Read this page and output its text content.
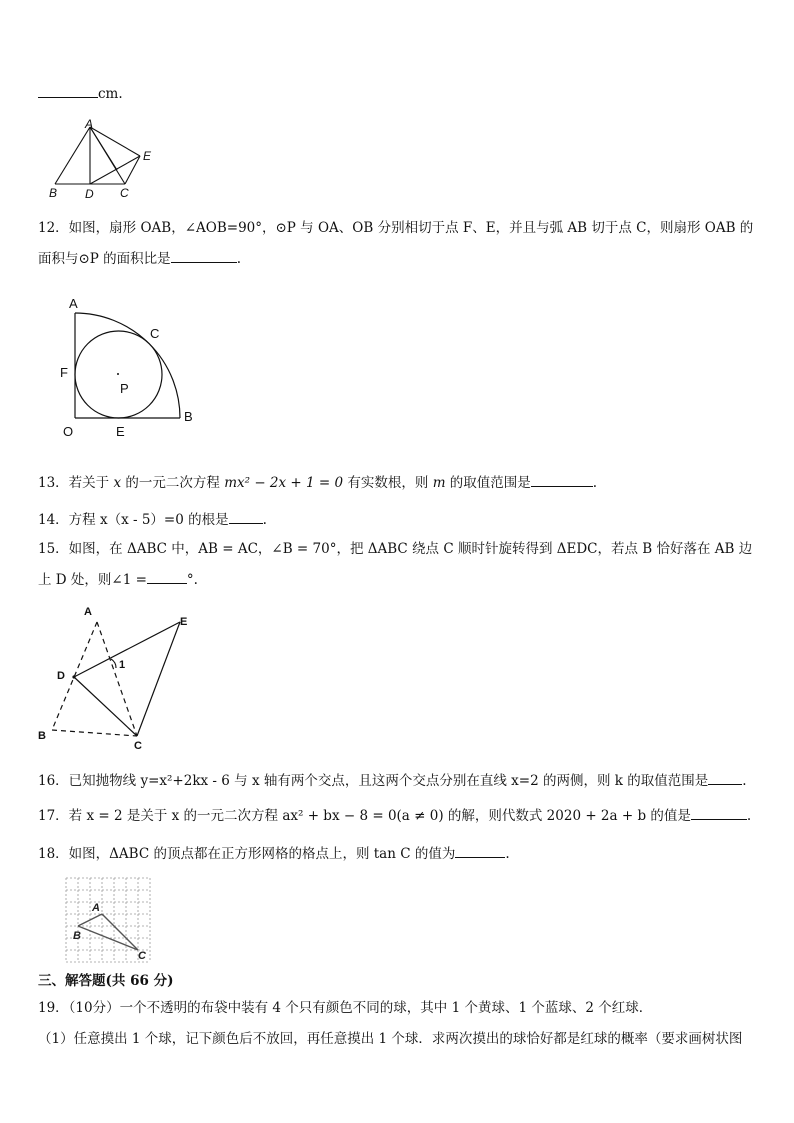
cm.
A
B D C
E
12．如图，扇形 OAB，∠AOB=90°，⊙P 与 OA、OB 分别相切于点 F、E，并且与弧 AB 切于点 C，则扇形 OAB 的
面积与⊙P 的面积比是	.
A
C
F
P
B
O	E
13．若关于 x 的一元二次方程 mx² − 2x + 1 = 0 有实数根，则 m 的取值范围是	.
14．方程 x（x - 5）=0 的根是	.
15．如图，在 ΔABC 中，AB = AC，∠B = 70°，把 ΔABC 绕点 C 顺时针旋转得到 ΔEDC，若点 B 恰好落在 AB 边
上 D 处，则∠1 =	°.
A
E
D
1
B
C
16．已知抛物线 y=x²+2kx - 6 与 x 轴有两个交点，且这两个交点分别在直线 x=2 的两侧，则 k 的取值范围是	.
17．若 x = 2 是关于 x 的一元二次方程 ax² + bx − 8 = 0(a ≠ 0) 的解，则代数式 2020 + 2a + b 的值是	.
18．如图，ΔABC 的顶点都在正方形网格的格点上，则 tan C 的值为	.
A
B
C
三、解答题(共 66 分)
19．（10分）一个不透明的布袋中装有 4 个只有颜色不同的球，其中 1 个黄球、1 个蓝球、2 个红球．
（1）任意摸出 1 个球，记下颜色后不放回，再任意摸出 1 个球．求两次摸出的球恰好都是红球的概率（要求画树状图
